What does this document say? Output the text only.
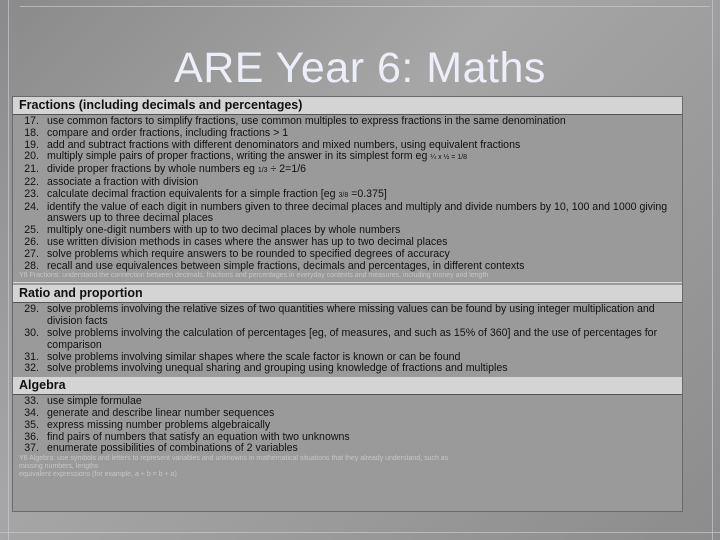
ARE Year 6: Maths
Fractions (including decimals and percentages)
17. use common factors to simplify fractions, use common multiples to express fractions in the same denomination
18. compare and order fractions, including fractions > 1
19. add and subtract fractions with different denominators and mixed numbers, using equivalent fractions
20. multiply simple pairs of proper fractions, writing the answer in its simplest form eg ¼ x ½ = 1/8
21. divide proper fractions by whole numbers eg 1/3 ÷ 2=1/6
22. associate a fraction with division
23. calculate decimal fraction equivalents for a simple fraction [eg 3/8 =0.375]
24. identify the value of each digit in numbers given to three decimal places and multiply and divide numbers by 10, 100 and 1000 giving answers up to three decimal places
25. multiply one-digit numbers with up to two decimal places by whole numbers
26. use written division methods in cases where the answer has up to two decimal places
27. solve problems which require answers to be rounded to specified degrees of accuracy
28. recall and use equivalences between simple fractions, decimals and percentages, in different contexts
Y6 Fractions: understand the connection between decimals, fractions and percentages in everyday contexts and measures, including money and length
Ratio and proportion
29. solve problems involving the relative sizes of two quantities where missing values can be found by using integer multiplication and division facts
30. solve problems involving the calculation of percentages [eg, of measures, and such as 15% of 360] and the use of percentages for comparison
31. solve problems involving similar shapes where the scale factor is known or can be found
32. solve problems involving unequal sharing and grouping using knowledge of fractions and multiples
Algebra
33. use simple formulae
34. generate and describe linear number sequences
35. express missing number problems algebraically
36. find pairs of numbers that satisfy an equation with two unknowns
37. enumerate possibilities of combinations of 2 variables
Y6 Algebra: use symbols and letters to represent variables and unknowns in mathematical situations that they already understand, such as
missing numbers, lengths
equivalent expressions (for example, a + b = b + a)
